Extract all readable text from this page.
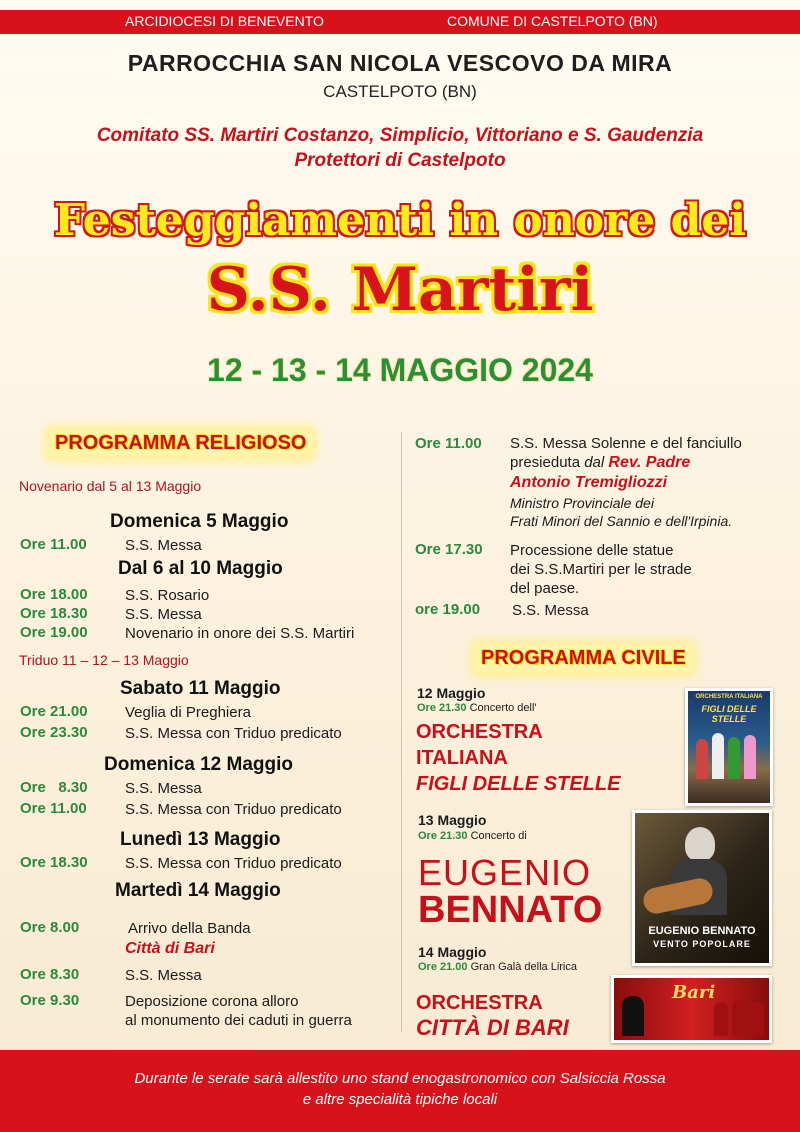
ARCIDIOCESI DI BENEVENTO	COMUNE DI CASTELPOTO (BN)
PARROCCHIA SAN NICOLA VESCOVO DA MIRA
CASTELPOTO (BN)
Comitato SS. Martiri Costanzo, Simplicio, Vittoriano e S. Gaudenzia
Protettori di Castelpoto
Festeggiamenti in onore dei
S.S. Martiri
12 - 13 - 14 MAGGIO 2024
PROGRAMMA RELIGIOSO
Novenario dal 5 al 13 Maggio
Domenica 5 Maggio
Ore 11.00	S.S. Messa
Dal 6 al 10 Maggio
Ore 18.00 S.S. Rosario
Ore 18.30 S.S. Messa
Ore 19.00 Novenario in onore dei S.S. Martiri
Triduo 11 – 12 – 13 Maggio
Sabato 11 Maggio
Ore 21.00 Veglia di Preghiera
Ore 23.30 S.S. Messa con Triduo predicato
Domenica 12 Maggio
Ore   8.30 S.S. Messa
Ore 11.00	S.S. Messa con Triduo predicato
Lunedì 13 Maggio
Ore 18.30 S.S. Messa con Triduo predicato
Martedì 14 Maggio
Ore 8.00	Arrivo della Banda
Città di Bari
Ore 8.30	S.S. Messa
Ore 9.30	Deposizione corona alloro
al monumento dei caduti in guerra
Ore 11.00 S.S. Messa Solenne e del fanciullo
presieduta dal Rev. Padre
Antonio Tremigliozzi
Ministro Provinciale dei
Frati Minori del Sannio e dell'Irpinia.
Ore 17.30 Processione delle statue
dei S.S.Martiri per le strade
del paese.
ore 19.00 S.S. Messa
PROGRAMMA CIVILE
12 Maggio
Ore 21.30 Concerto dell'
ORCHESTRA
ITALIANA
FIGLI DELLE STELLE
ORCHESTRA ITALIANA
FIGLI DELLE STELLE
13 Maggio
Ore 21.30 Concerto di
EUGENIO
BENNATO	EUGENIO BENNATO
VENTO POPOLARE
14 Maggio
Ore 21.00 Gran Galà della Lirica
ORCHESTRA
CITTÀ DI BARI
Bari
Durante le serate sarà allestito uno stand enogastronomico con Salsiccia Rossa
e altre specialità tipiche locali
